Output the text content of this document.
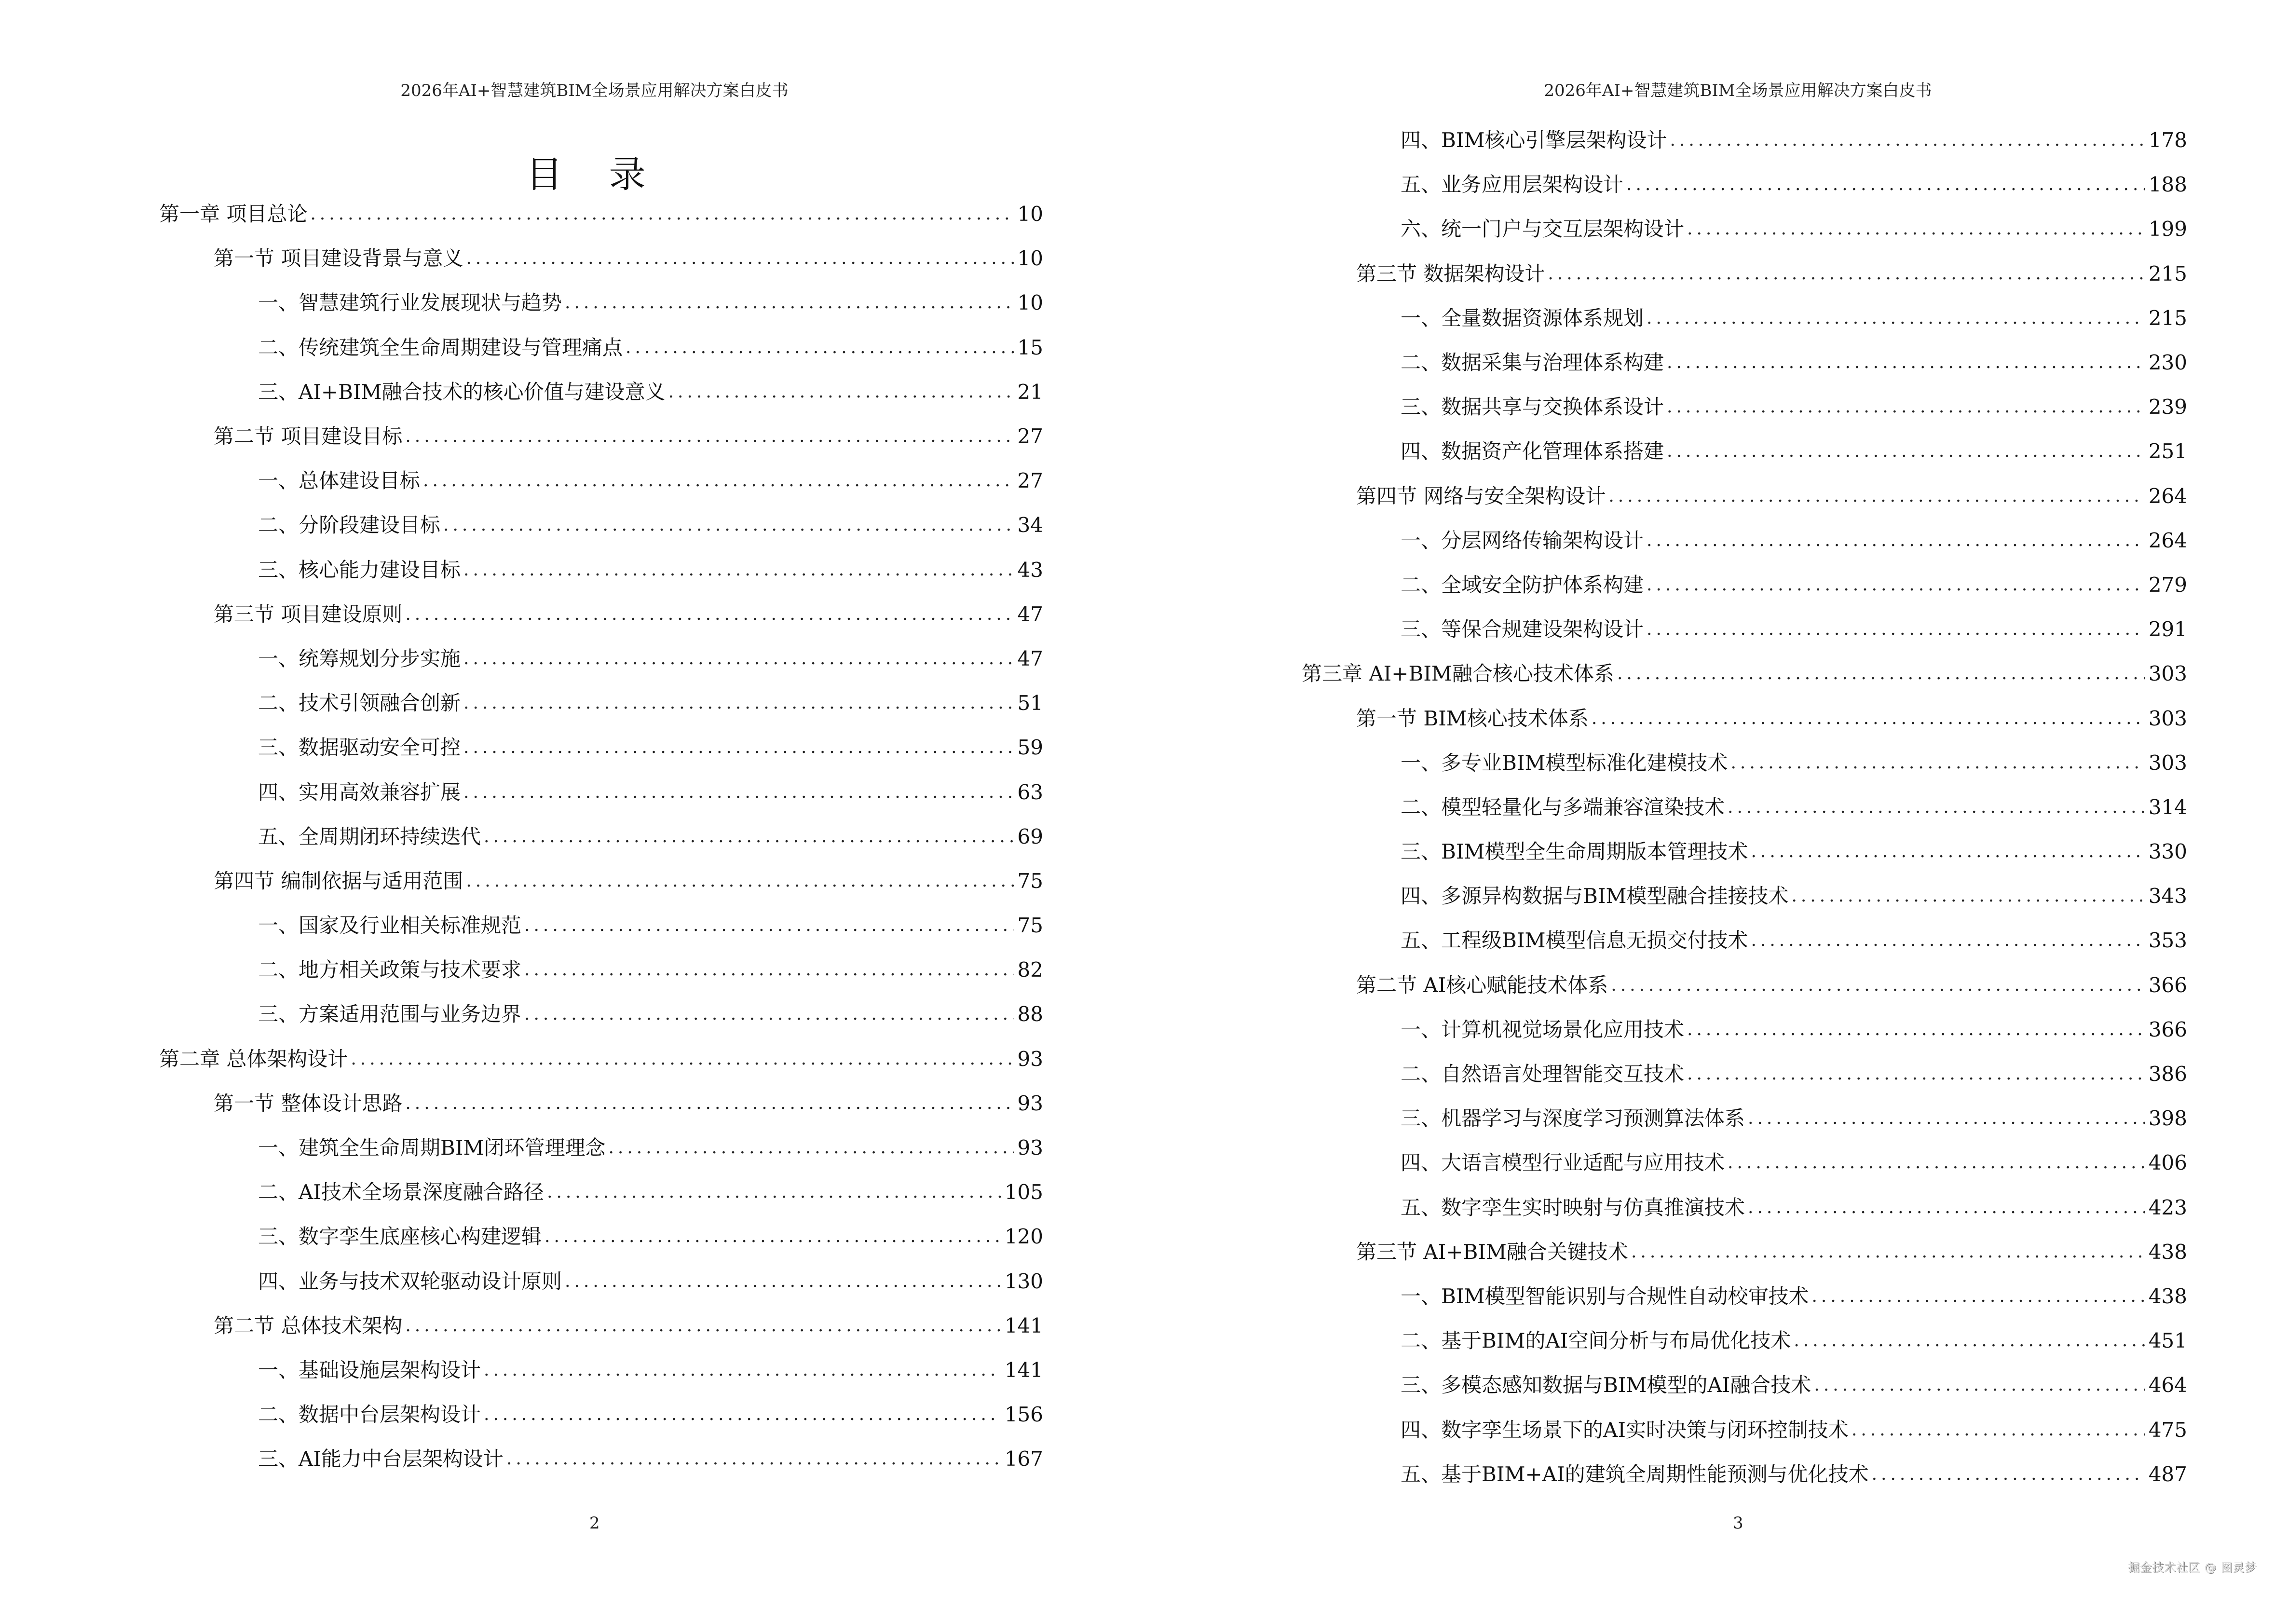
2026年AI+智慧建筑BIM全场景应用解决方案白皮书
目 录
第一章 项目总论 .....	10
第一节 项目建设背景与意义 .....	10
一、智慧建筑行业发展现状与趋势 .....	10
二、传统建筑全生命周期建设与管理痛点 .....	15
三、AI+BIM融合技术的核心价值与建设意义 .....	21
第二节 项目建设目标 .....	27
一、总体建设目标 .....	27
二、分阶段建设目标 .....	34
三、核心能力建设目标 .....	43
第三节 项目建设原则 .....	47
一、统筹规划分步实施 .....	47
二、技术引领融合创新 .....	51
三、数据驱动安全可控 .....	59
四、实用高效兼容扩展 .....	63
五、全周期闭环持续迭代 .....	69
第四节 编制依据与适用范围 .....	75
一、国家及行业相关标准规范 .....	75
二、地方相关政策与技术要求 .....	82
三、方案适用范围与业务边界 .....	88
第二章 总体架构设计 .....	93
第一节 整体设计思路 .....	93
一、建筑全生命周期BIM闭环管理理念 .....	93
二、AI技术全场景深度融合路径 .....	105
三、数字孪生底座核心构建逻辑 .....	120
四、业务与技术双轮驱动设计原则 .....	130
第二节 总体技术架构 .....	141
一、基础设施层架构设计 .....	141
二、数据中台层架构设计 .....	156
三、AI能力中台层架构设计 .....	167
2
2026年AI+智慧建筑BIM全场景应用解决方案白皮书
四、BIM核心引擎层架构设计 .....	178
五、业务应用层架构设计 .....	188
六、统一门户与交互层架构设计 .....	199
第三节 数据架构设计 .....	215
一、全量数据资源体系规划 .....	215
二、数据采集与治理体系构建 .....	230
三、数据共享与交换体系设计 .....	239
四、数据资产化管理体系搭建 .....	251
第四节 网络与安全架构设计 .....	264
一、分层网络传输架构设计 .....	264
二、全域安全防护体系构建 .....	279
三、等保合规建设架构设计 .....	291
第三章 AI+BIM融合核心技术体系 .....	303
第一节 BIM核心技术体系 .....	303
一、多专业BIM模型标准化建模技术 .....	303
二、模型轻量化与多端兼容渲染技术 .....	314
三、BIM模型全生命周期版本管理技术 .....	330
四、多源异构数据与BIM模型融合挂接技术 .....	343
五、工程级BIM模型信息无损交付技术 .....	353
第二节 AI核心赋能技术体系 .....	366
一、计算机视觉场景化应用技术 .....	366
二、自然语言处理智能交互技术 .....	386
三、机器学习与深度学习预测算法体系 .....	398
四、大语言模型行业适配与应用技术 .....	406
五、数字孪生实时映射与仿真推演技术 .....	423
第三节 AI+BIM融合关键技术 .....	438
一、BIM模型智能识别与合规性自动校审技术 .....	438
二、基于BIM的AI空间分析与布局优化技术 .....	451
三、多模态感知数据与BIM模型的AI融合技术 .....	464
四、数字孪生场景下的AI实时决策与闭环控制技术 .....	475
五、基于BIM+AI的建筑全周期性能预测与优化技术 .....	487
3
掘金技术社区 @ 图灵梦
